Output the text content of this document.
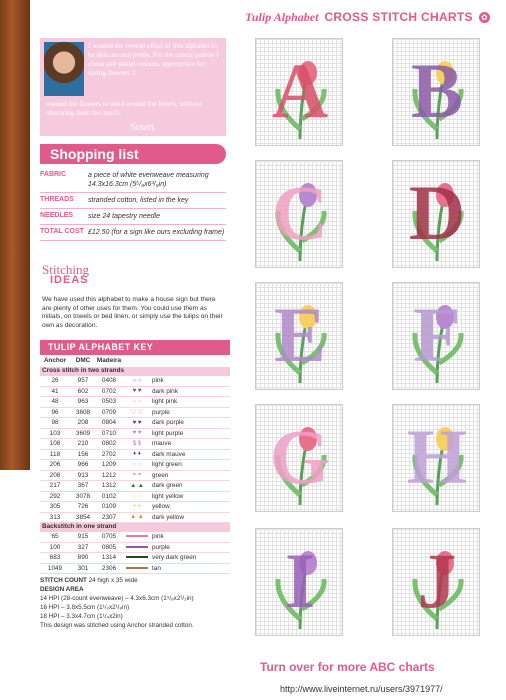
Tulip Alphabet CROSS STITCH CHARTS ✿
I wanted the overall effect of this alphabet to be delicate and pretty. For the colour palette I chose soft pastel colours, appropriate for spring flowers. I
wanted the flowers to wind around the letters, without obscuring them too much.
Susan.
Shopping list
FABRIC	a piece of white evenweave measuring 14.3x16.3cm (5⁵/₈x6³/₈in)
THREADS	stranded cotton, listed in the key
NEEDLES	size 24 tapestry needle
TOTAL COST £12.50 (for a sign like ours excluding frame)
Stitching
IDEAS
We have used this alphabet to make a house sign but there are plenty of other uses for them. You could use them as initials, on towels or bed linen, or simply use the tulips on their own as decoration.
TULIP ALPHABET KEY
Anchor	DMC	Madeira
Cross stitch in two strands
26	957	0408	○ ○	pink
41	602	0702	♥ ♥	dark pink
48	963	0503	○ ○	light pink
96	3608	0709	♡ ♡	purple
98	208	0804	♥ ♥	dark purple
103	3609	0710	♥ ♥	light purple
108	210	0802	$ $	mauve
118	156	2702	♦ ♦	dark mauve
206	966	1209	○ ○	light green
208	913	1212	= =	green
217	367	1312	▲ ▲	dark green
292	3078	0102	◇ ◇	light yellow
305	726	0109	+ +	yellow
313	3854	2307	▲ ▲	dark yellow
Backstitch in one strand
65	915	0705	pink
100	327	0805	purple
683	890	1314	very dark green
1049	301	2306	tan
STITCH COUNT 24 high x 35 wide
DESIGN AREA
14 HPI (28-count evenweave) – 4.3x6.3cm (1⁵/₈x2¹/₂in)
16 HPI – 3.8x5.5cm (1¹/₂x2¹/₈in)
18 HPI – 3.3x4.7cm (1¹/₄x2in)
This design was stitched using Anchor stranded cotton.
A B
C D
E F
G H
I J
Turn over for more ABC charts
http://www.liveinternet.ru/users/3971977/
